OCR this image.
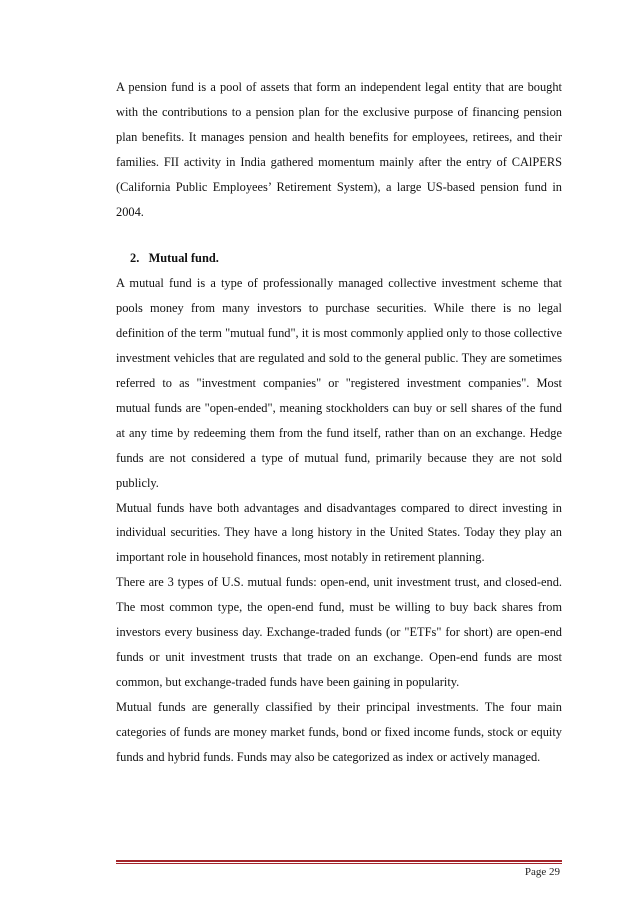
A pension fund is a pool of assets that form an independent legal entity that are bought with the contributions to a pension plan for the exclusive purpose of financing pension plan benefits. It manages pension and health benefits for employees, retirees, and their families. FII activity in India gathered momentum mainly after the entry of CAlPERS (California Public Employees’ Retirement System), a large US-based pension fund in 2004.

2.  Mutual fund.

A mutual fund is a type of professionally managed collective investment scheme that pools money from many investors to purchase securities. While there is no legal definition of the term "mutual fund", it is most commonly applied only to those collective investment vehicles that are regulated and sold to the general public. They are sometimes referred to as "investment companies" or "registered investment companies". Most mutual funds are "open-ended", meaning stockholders can buy or sell shares of the fund at any time by redeeming them from the fund itself, rather than on an exchange. Hedge funds are not considered a type of mutual fund, primarily because they are not sold publicly.

Mutual funds have both advantages and disadvantages compared to direct investing in individual securities. They have a long history in the United States. Today they play an important role in household finances, most notably in retirement planning.

There are 3 types of U.S. mutual funds: open-end, unit investment trust, and closed-end. The most common type, the open-end fund, must be willing to buy back shares from investors every business day. Exchange-traded funds (or "ETFs" for short) are open-end funds or unit investment trusts that trade on an exchange. Open-end funds are most common, but exchange-traded funds have been gaining in popularity.

Mutual funds are generally classified by their principal investments. The four main categories of funds are money market funds, bond or fixed income funds, stock or equity funds and hybrid funds. Funds may also be categorized as index or actively managed.

Page 29
